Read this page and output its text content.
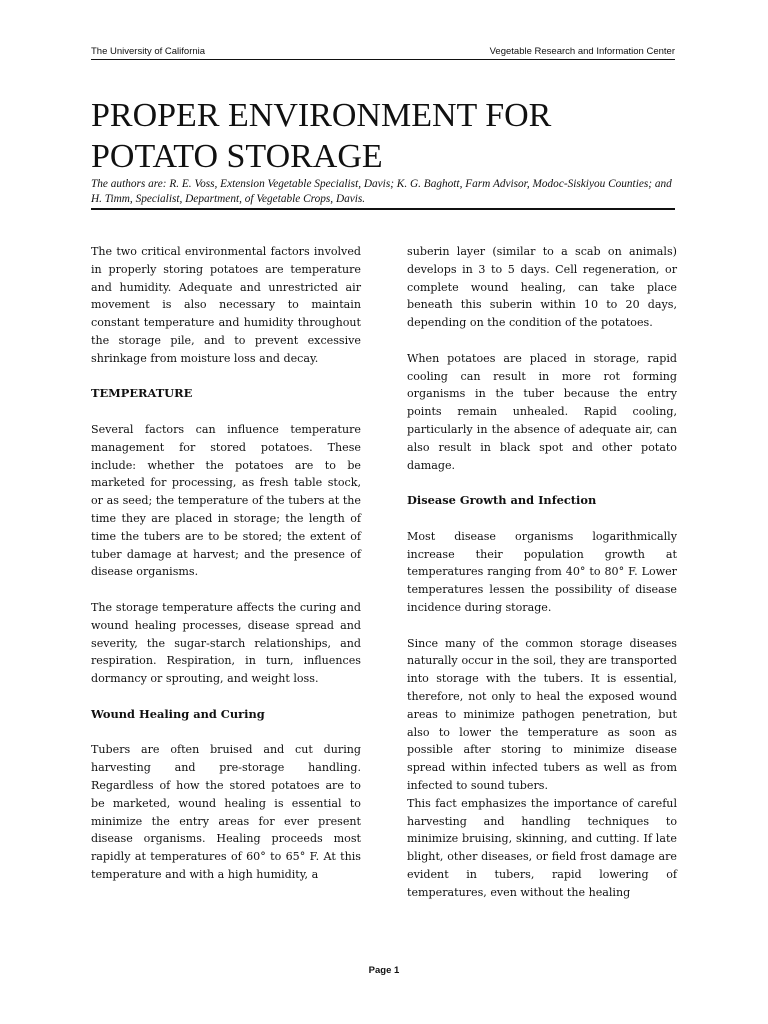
The University of California	Vegetable Research and Information Center
PROPER ENVIRONMENT FOR
POTATO STORAGE

The authors are: R. E. Voss, Extension Vegetable Specialist, Davis; K. G. Baghott, Farm Advisor, Modoc-Siskiyou Counties; and H. Timm, Specialist, Department, of Vegetable Crops, Davis.

The two critical environmental factors involved in properly storing potatoes are temperature and humidity. Adequate and unrestricted air movement is also necessary to maintain constant temperature and humidity throughout the storage pile, and to prevent excessive shrinkage from moisture loss and decay.

TEMPERATURE

Several factors can influence temperature management for stored potatoes. These include: whether the potatoes are to be marketed for processing, as fresh table stock, or as seed; the temperature of the tubers at the time they are placed in storage; the length of time the tubers are to be stored; the extent of tuber damage at harvest; and the presence of disease organisms.

The storage temperature affects the curing and wound healing processes, disease spread and severity, the sugar-starch relationships, and respiration. Respiration, in turn, influences dormancy or sprouting, and weight loss.

Wound Healing and Curing

Tubers are often bruised and cut during harvesting and pre-storage handling. Regardless of how the stored potatoes are to be marketed, wound healing is essential to minimize the entry areas for ever present disease organisms. Healing proceeds most rapidly at temperatures of 60° to 65° F. At this temperature and with a high humidity, a

suberin layer (similar to a scab on animals) develops in 3 to 5 days. Cell regeneration, or complete wound healing, can take place beneath this suberin within 10 to 20 days, depending on the condition of the potatoes.

When potatoes are placed in storage, rapid cooling can result in more rot forming organisms in the tuber because the entry points remain unhealed. Rapid cooling, particularly in the absence of adequate air, can also result in black spot and other potato damage.

Disease Growth and Infection

Most disease organisms logarithmically increase their population growth at temperatures ranging from 40° to 80° F. Lower temperatures lessen the possibility of disease incidence during storage.

Since many of the common storage diseases naturally occur in the soil, they are transported into storage with the tubers. It is essential, therefore, not only to heal the exposed wound areas to minimize pathogen penetration, but also to lower the temperature as soon as possible after storing to minimize disease spread within infected tubers as well as from infected to sound tubers.

This fact emphasizes the importance of careful harvesting and handling techniques to minimize bruising, skinning, and cutting. If late blight, other diseases, or field frost damage are evident in tubers, rapid lowering of temperatures, even without the healing

Page 1
